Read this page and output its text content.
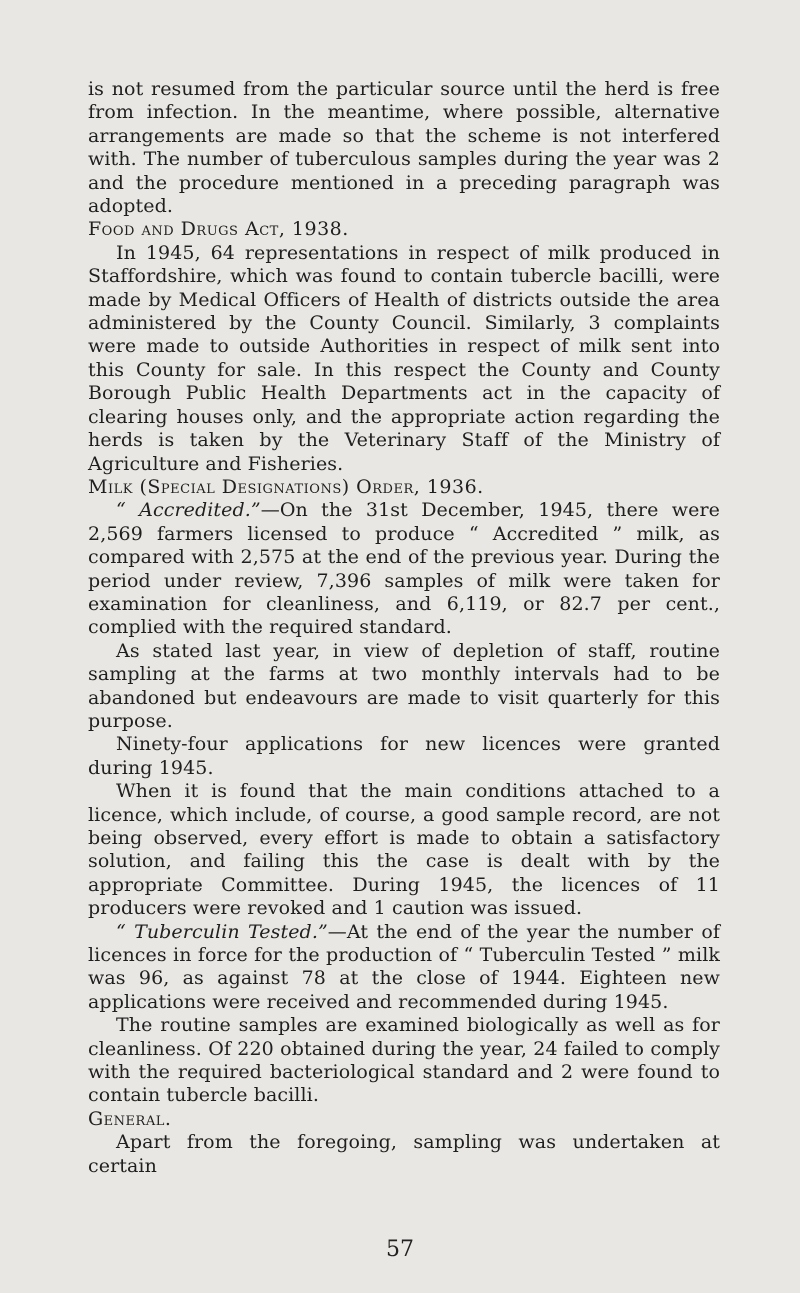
is not resumed from the particular source until the herd is free from infection. In the meantime, where possible, alternative arrangements are made so that the scheme is not interfered with. The number of tuberculous samples during the year was 2 and the procedure mentioned in a preceding paragraph was adopted.

Food and Drugs Act, 1938.

In 1945, 64 representations in respect of milk produced in Staffordshire, which was found to contain tubercle bacilli, were made by Medical Officers of Health of districts outside the area administered by the County Council. Similarly, 3 complaints were made to outside Authorities in respect of milk sent into this County for sale. In this respect the County and County Borough Public Health Departments act in the capacity of clearing houses only, and the appropriate action regarding the herds is taken by the Veterinary Staff of the Ministry of Agriculture and Fisheries.

Milk (Special Designations) Order, 1936.

“ Accredited.”—On the 31st December, 1945, there were 2,569 farmers licensed to produce “ Accredited ” milk, as compared with 2,575 at the end of the previous year. During the period under review, 7,396 samples of milk were taken for examination for cleanliness, and 6,119, or 82.7 per cent., complied with the required standard.

As stated last year, in view of depletion of staff, routine sampling at the farms at two monthly intervals had to be abandoned but endeavours are made to visit quarterly for this purpose.

Ninety-four applications for new licences were granted during 1945.

When it is found that the main conditions attached to a licence, which include, of course, a good sample record, are not being observed, every effort is made to obtain a satisfactory solution, and failing this the case is dealt with by the appropriate Committee. During 1945, the licences of 11 producers were revoked and 1 caution was issued.

“ Tuberculin Tested.”—At the end of the year the number of licences in force for the production of “ Tuberculin Tested ” milk was 96, as against 78 at the close of 1944. Eighteen new applications were received and recommended during 1945.

The routine samples are examined biologically as well as for cleanliness. Of 220 obtained during the year, 24 failed to comply with the required bacteriological standard and 2 were found to contain tubercle bacilli.

General.

Apart from the foregoing, sampling was undertaken at certain

57
